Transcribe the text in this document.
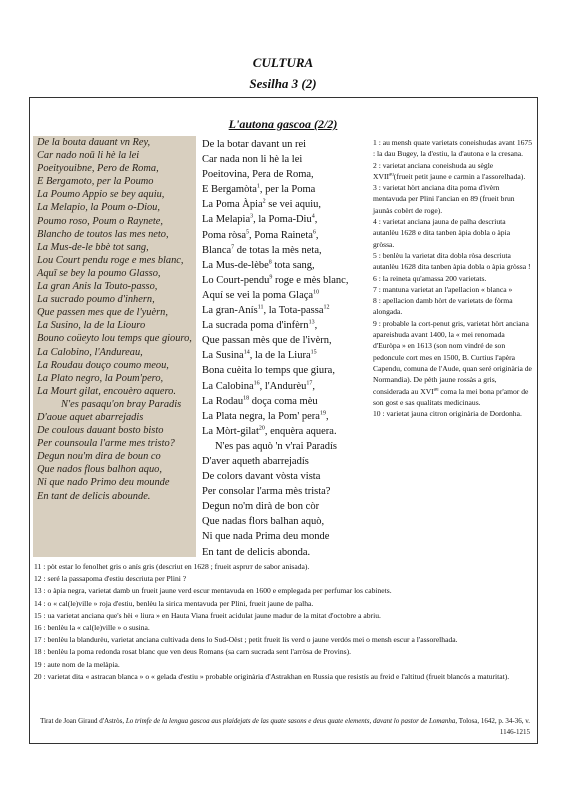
CULTURA
Sesilha 3 (2)
L'autona gascoa (2/2)
De la bouta dauant vn Rey,
Car nado noū li hè la lei
Poeityouibne, Pero de Roma,
E Bergamoto, per la Poumo
La Poumo Appio se bey aquiu,
La Melapio, la Poum o-Diou,
Poumo roso, Poum o Raynete,
Blancho de toutos las mes neto,
La Mus-de-le bbè tot sang,
Lou Court pendu roge e mes blanc,
Aquī se bey la poumo Glasso,
La gran Anis la Touto-passo,
La sucrado poumo d'inhern,
Que passen mes que de l'yuèrn,
La Susino, la de la Liouro
Bouno coüeyto lou temps que giouro,
La Calobino, l'Andureau,
La Roudau douço coumo meou,
La Plato negro, la Poum'pero,
La Mourt gilat, encouèro aquero.
N'es pasaqu'on bray Paradis
D'aoue aquet abarrejadis
De coulous dauant bosto bisto
Per counsoula l'arme mes tristo?
Degun nou'm dira de boun co
Que nados flous balhon aquo,
Ni que nado Primo deu mounde
En tant de delicis abounde.
De la botar davant un rei
Car nada non li hè la lei
Poeitovina, Pera de Roma,
E Bergamòta$^1$, per la Poma
La Poma Àpia$^2$ se vei aquiu,
La Melapia$^3$, la Poma-Diu$^4$,
Poma ròsa$^5$, Poma Raineta$^6$,
Blanca$^7$ de totas la mès neta,
La Mus-de-lèbe$^8$ tota sang,
Lo Court-pendu$^9$ roge e mès blanc,
Aquí se vei la poma Glaça$^{10}$
La gran-Anís$^{11}$, la Tota-passa$^{12}$
La sucrada poma d'infèrn$^{13}$,
Que passan mès que de l'ivèrn,
La Susina$^{14}$, la de la Liura$^{15}$
Bona cuèita lo temps que giura,
La Calobina$^{16}$, l'Andurèu$^{17}$,
La Rodau$^{18}$ doça coma mèu
La Plata negra, la Pom' pera$^{19}$,
La Mòrt-gilat$^{20}$, enquèra aquera.
N'es pas aquò 'n v'rai Paradís
D'aver aqueth abarrejadís
De colors davant vòsta vista
Per consolar l'arma mès trista?
Degun no'm dirà de bon còr
Que nadas flors balhan aquò,
Ni que nada Prima deu monde
En tant de delicis abonda.

1 : au mensh quate varietats coneishudas avant 1675 : la dau Bugey, la d'estiu, la d'autona e la cresana.

2 : varietat anciana coneishuda au sègle $XVII^{au}(frueit$ petit jaune e carmin a l'assorelhada).

3 : varietat hòrt anciana dita poma d'ivèrn mentavuda per Plini l'ancian en 89 (frueit brun jaunàs cobèrt de roge).

4 : varietat anciana jauna de palha descriuta autanlèu 1628 e dita tanben àpia dobla o àpia gròssa.

5 : benlèu la varietat dita dobla ròsa descriuta autanlèu 1628 dita tanben àpia dobla o àpia gròssa !

6 : la reineta qu'amassa 200 varietats.

7 : mantuna varietat an l'apellacion « blanca »

8 : apellacion damb hòrt de varietats de fòrma alongada.

9 : probable la cort-penut gris, varietat hòrt anciana apareishuda avant 1400, la « mei renomada d'Euròpa » en 1613 (son nom vindré de son pedoncule cort mes en 1500, B. Curtius l'apèra Capendu, comuna de l'Aude, quan seré originària de Normandia). De pèth jaune rossàs a gris, considerada au $XVI^{au}$ coma la mei bona pr'amor de son gost e sas qualitats medicinaus.

10 : varietat jauna citron originària de Dordonha.

11 : pòt estar lo fenolhet gris o anís gris (descriut en 1628 ; frueit aspruт de sabor anisada).

12 : seré la passapoma d'estiu descriuta per Plini ?

13 : o àpia negra, varietat damb un frueit jaune verd escur mentavuda en 1600 e emplegada per perfumar los cabinets.

14 : o « cal(le)ville » roja d'estiu, benlèu la sirica mentavuda per Plini, frueit jaune de palha.

15 : ua varietat anciana que's hèi « liura » en Hauta Viana frueit acidulat jaune madur de la mitat d'octobre a abriu.

16 : benlèu la « cal(le)ville » o susina.

17 : benlèu la blandurèu, varietat anciana cultivada dens lo Sud-Oèst ; petit frueit lis verd o jaune verdós mei o mensh escur a l'assorelhada.

18 : benlèu la poma redonda rosat blanc que ven deus Romans (sa carn sucrada sent l'arròsa de Provins).

19 : aute nom de la melàpia.

20 : varietat dita « astracan blanca » o « gelada d'estiu » probable originària d'Astrakhan en Russia que resistís au freid e l'altitud (frueit blancós a maturitat).

Tirat de Joan Giraud d'Astròs, Lo trimfe de la lengua gascoa aus plaidejats de las quate sasons e deus quate elements, davant lo pastor de Lomanha, Tolosa, 1642, p. 34-36, v. 1146-1215
